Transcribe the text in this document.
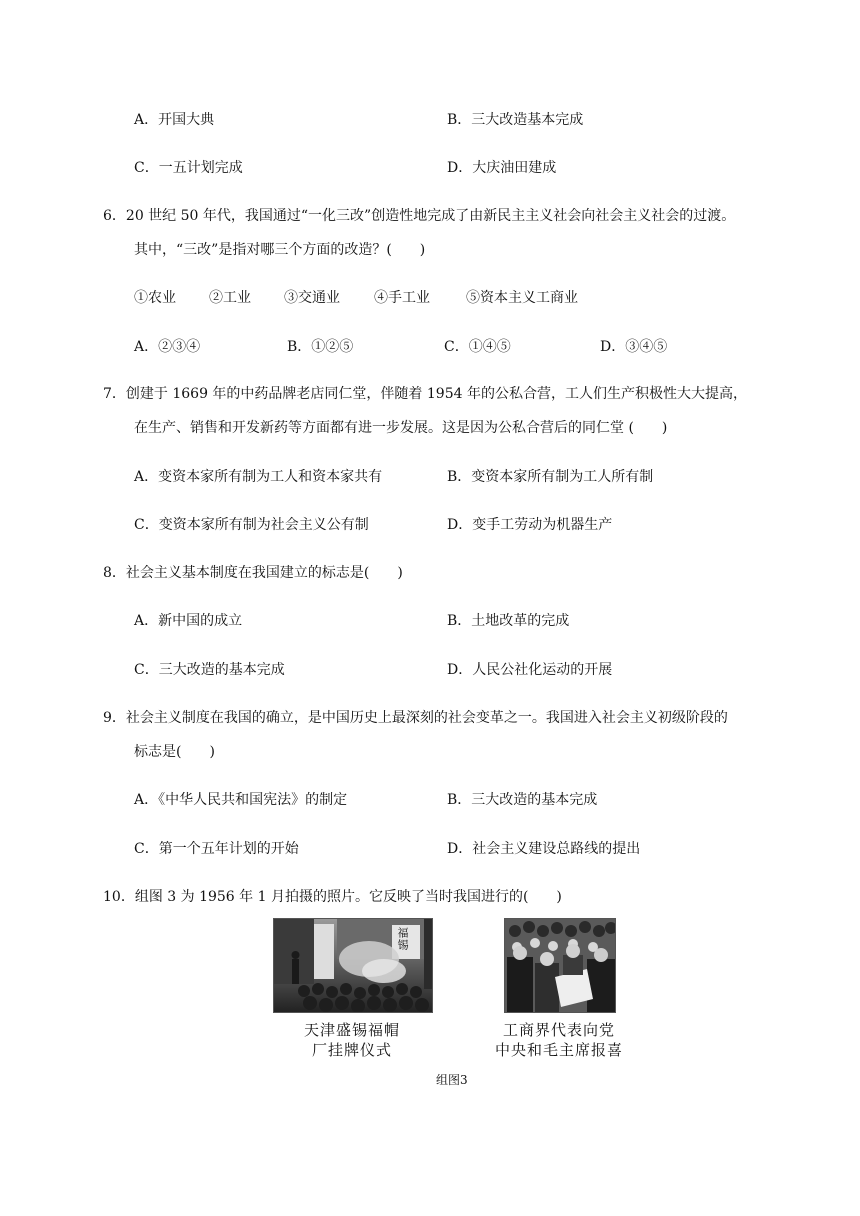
A．开国大典	B．三大改造基本完成
C．一五计划完成	D．大庆油田建成
6．20 世纪 50 年代，我国通过“一化三改”创造性地完成了由新民主主义社会向社会主义社会的过渡。
其中，“三改”是指对哪三个方面的改造？(　　)
①农业 ②工业 ③交通业 ④手工业	⑤资本主义工商业
A．②③④	B．①②⑤	C．①④⑤	D．③④⑤
7．创建于 1669 年的中药品牌老店同仁堂，伴随着 1954 年的公私合营，工人们生产积极性大大提高，
在生产、销售和开发新药等方面都有进一步发展。这是因为公私合营后的同仁堂 (　　)
A．变资本家所有制为工人和资本家共有	B．变资本家所有制为工人所有制
C．变资本家所有制为社会主义公有制	D．变手工劳动为机器生产
8．社会主义基本制度在我国建立的标志是(　　)
A．新中国的成立	B．土地改革的完成
C．三大改造的基本完成	D．人民公社化运动的开展
9．社会主义制度在我国的确立，是中国历史上最深刻的社会变革之一。我国进入社会主义初级阶段的
标志是(　　)
A．《中华人民共和国宪法》的制定	B．三大改造的基本完成
C．第一个五年计划的开始	D．社会主义建设总路线的提出
10．组图 3 为 1956 年 1 月拍摄的照片。它反映了当时我国进行的(　　)
福锡
天津盛锡福帽
厂挂牌仪式
工商界代表向党
中央和毛主席报喜
组图3
